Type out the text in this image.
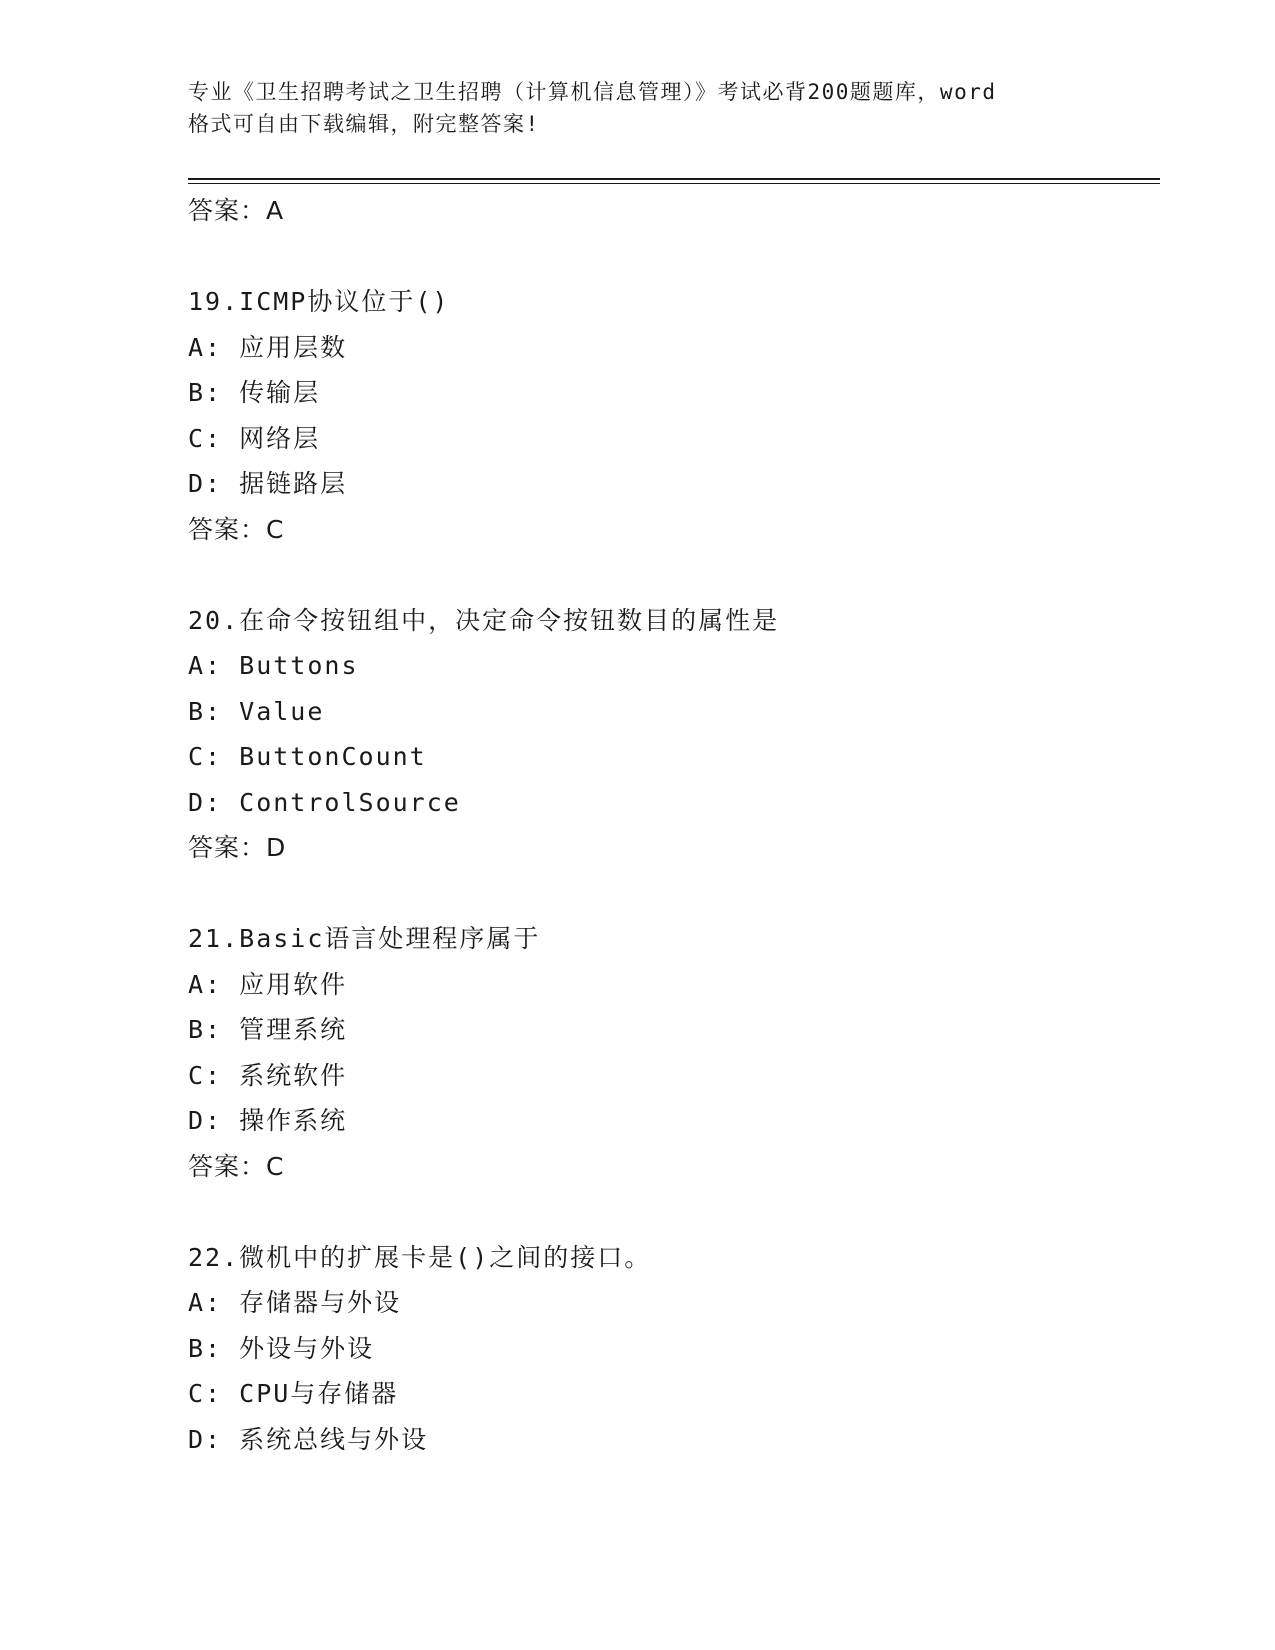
专业《卫生招聘考试之卫生招聘（计算机信息管理）》考试必背200题题库，word
格式可自由下载编辑，附完整答案!
答案：A
19.ICMP协议位于()
A: 应用层数
B: 传输层
C: 网络层
D: 据链路层
答案：C
20.在命令按钮组中，决定命令按钮数目的属性是
A: Buttons
B: Value
C: ButtonCount
D: ControlSource
答案：D
21.Basic语言处理程序属于
A: 应用软件
B: 管理系统
C: 系统软件
D: 操作系统
答案：C
22.微机中的扩展卡是()之间的接口。
A: 存储器与外设
B: 外设与外设
C: CPU与存储器
D: 系统总线与外设
